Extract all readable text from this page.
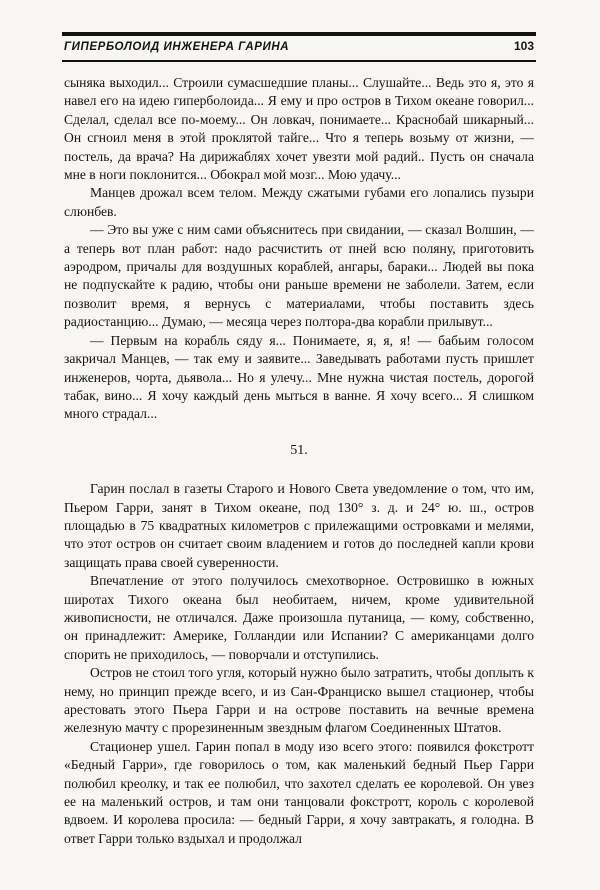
ГИПЕРБОЛОИД ИНЖЕНЕРА ГАРИНА	103

сыняка выходил... Строили сумасшедшие планы... Слушайте... Ведь это я, это я навел его на идею гиперболоида... Я ему и про остров в Тихом океане говорил... Сделал, сделал все по-моему... Он ловкач, понимаете... Краснобай шикарный... Он сгноил меня в этой проклятой тайге... Что я теперь возьму от жизни, — постель, да врача? На дирижаблях хочет увезти мой радий.. Пусть он сначала мне в ноги поклонится... Обокрал мой мозг... Мою удачу...

Манцев дрожал всем телом. Между сжатыми губами его лопались пузыри слюнбев.

— Это вы уже с ним сами объяснитесь при свидании, — сказал Волшин, — а теперь вот план работ: надо расчистить от пней всю поляну, приготовить аэродром, причалы для воздушных кораблей, ангары, бараки... Людей вы пока не подпускайте к радию, чтобы они раньше времени не заболели. Затем, если позволит время, я вернусь с материалами, чтобы поставить здесь радиостанцию... Думаю, — месяца через полтора-два корабли прилывут...

— Первым на корабль сяду я... Понимаете, я, я, я! — бабьим голосом закричал Манцев, — так ему и заявите... Заведывать работами пусть пришлет инженеров, чорта, дьявола... Но я улечу... Мне нужна чистая постель, дорогой табак, вино... Я хочу каждый день мыться в ванне. Я хочу всего... Я слишком много страдал...

51.

Гарин послал в газеты Старого и Нового Света уведомление о том, что им, Пьером Гарри, занят в Тихом океане, под 130° з. д. и 24° ю. ш., остров площадью в 75 квадратных километров с прилежащими островками и мелями, что этот остров он считает своим владением и готов до последней капли крови защищать права своей суверенности.

Впечатление от этого получилось смехотворное. Островишко в южных широтах Тихого океана был необитаем, ничем, кроме удивительной живописности, не отличался. Даже произошла путаница, — кому, собственно, он принадлежит: Америке, Голландии или Испании? С американцами долго спорить не приходилось, — поворчали и отступились.

Остров не стоил того угля, который нужно было затратить, чтобы доплыть к нему, но принцип прежде всего, и из Сан-Франциско вышел стационер, чтобы арестовать этого Пьера Гарри и на острове поставить на вечные времена железную мачту с прорезиненным звездным флагом Соединенных Штатов.

Стационер ушел. Гарин попал в моду изо всего этого: появился фокстротт «Бедный Гарри», где говорилось о том, как маленький бедный Пьер Гарри полюбил креолку, и так ее полюбил, что захотел сделать ее королевой. Он увез ее на маленький остров, и там они танцовали фокстротт, король с королевой вдвоем. И королева просила: — бедный Гарри, я хочу завтракать, я голодна. В ответ Гарри только вздыхал и продолжал
